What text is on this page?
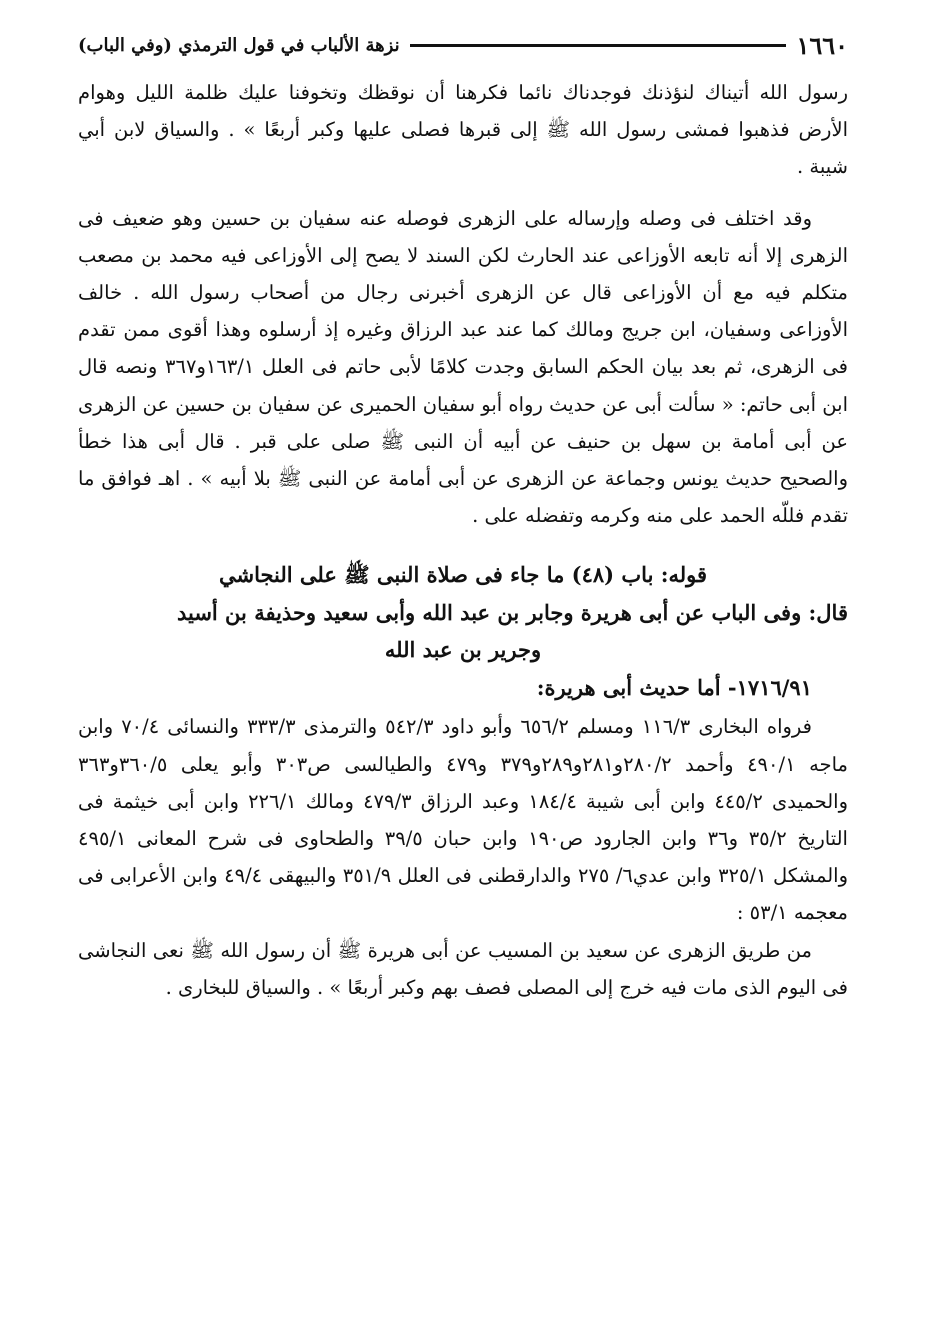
١٦٦٠
نزهة الألباب في قول الترمذي (وفي الباب)

رسول الله أتيناك لنؤذنك فوجدناك نائما فكرهنا أن نوقظك وتخوفنا عليك ظلمة الليل وهوام الأرض فذهبوا فمشى رسول الله ﷺ إلى قبرها فصلى عليها وكبر أربعًا » . والسياق لابن أبي شيبة .

وقد اختلف فى وصله وإرساله على الزهرى فوصله عنه سفيان بن حسين وهو ضعيف فى الزهرى إلا أنه تابعه الأوزاعى عند الحارث لكن السند لا يصح إلى الأوزاعى فيه محمد بن مصعب متكلم فيه مع أن الأوزاعى قال عن الزهرى أخبرنى رجال من أصحاب رسول الله . خالف الأوزاعى وسفيان، ابن جريج ومالك كما عند عبد الرزاق وغيره إذ أرسلوه وهذا أقوى ممن تقدم فى الزهرى، ثم بعد بيان الحكم السابق وجدت كلامًا لأبى حاتم فى العلل ١٦٣/١و٣٦٧ ونصه قال ابن أبى حاتم: « سألت أبى عن حديث رواه أبو سفيان الحميرى عن سفيان بن حسين عن الزهرى عن أبى أمامة بن سهل بن حنيف عن أبيه أن النبى ﷺ صلى على قبر . قال أبى هذا خطأ والصحيح حديث يونس وجماعة عن الزهرى عن أبى أمامة عن النبى ﷺ بلا أبيه » . اهـ فوافق ما تقدم فللّه الحمد على منه وكرمه وتفضله على .

قوله: باب (٤٨) ما جاء فى صلاة النبى ﷺ على النجاشي

قال: وفى الباب عن أبى هريرة وجابر بن عبد الله وأبى سعيد وحذيفة بن أسيد

وجرير بن عبد الله

١٧١٦/٩١- أما حديث أبى هريرة:

فرواه البخارى ١١٦/٣ ومسلم ٦٥٦/٢ وأبو داود ٥٤٢/٣ والترمذى ٣٣٣/٣ والنسائى ٧٠/٤ وابن ماجه ٤٩٠/١ وأحمد ٢٨٠/٢و٢٨١و٢٨٩و٣٧٩ و٤٧٩ والطيالسى ص٣٠٣ وأبو يعلى ٣٦٠/٥و٣٦٣ والحميدى ٤٤٥/٢ وابن أبى شيبة ١٨٤/٤ وعبد الرزاق ٤٧٩/٣ ومالك ٢٢٦/١ وابن أبى خيثمة فى التاريخ ٣٥/٢ و٣٦ وابن الجارود ص١٩٠ وابن حبان ٣٩/٥ والطحاوى فى شرح المعانى ٤٩٥/١ والمشكل ٣٢٥/١ وابن عدي٦/ ٢٧٥ والدارقطنى فى العلل ٣٥١/٩ والبيهقى ٤٩/٤ وابن الأعرابى فى معجمه ٥٣/١ :

من طريق الزهرى عن سعيد بن المسيب عن أبى هريرة ﷺ أن رسول الله ﷺ نعى النجاشى فى اليوم الذى مات فيه خرج إلى المصلى فصف بهم وكبر أربعًا » . والسياق للبخارى .
